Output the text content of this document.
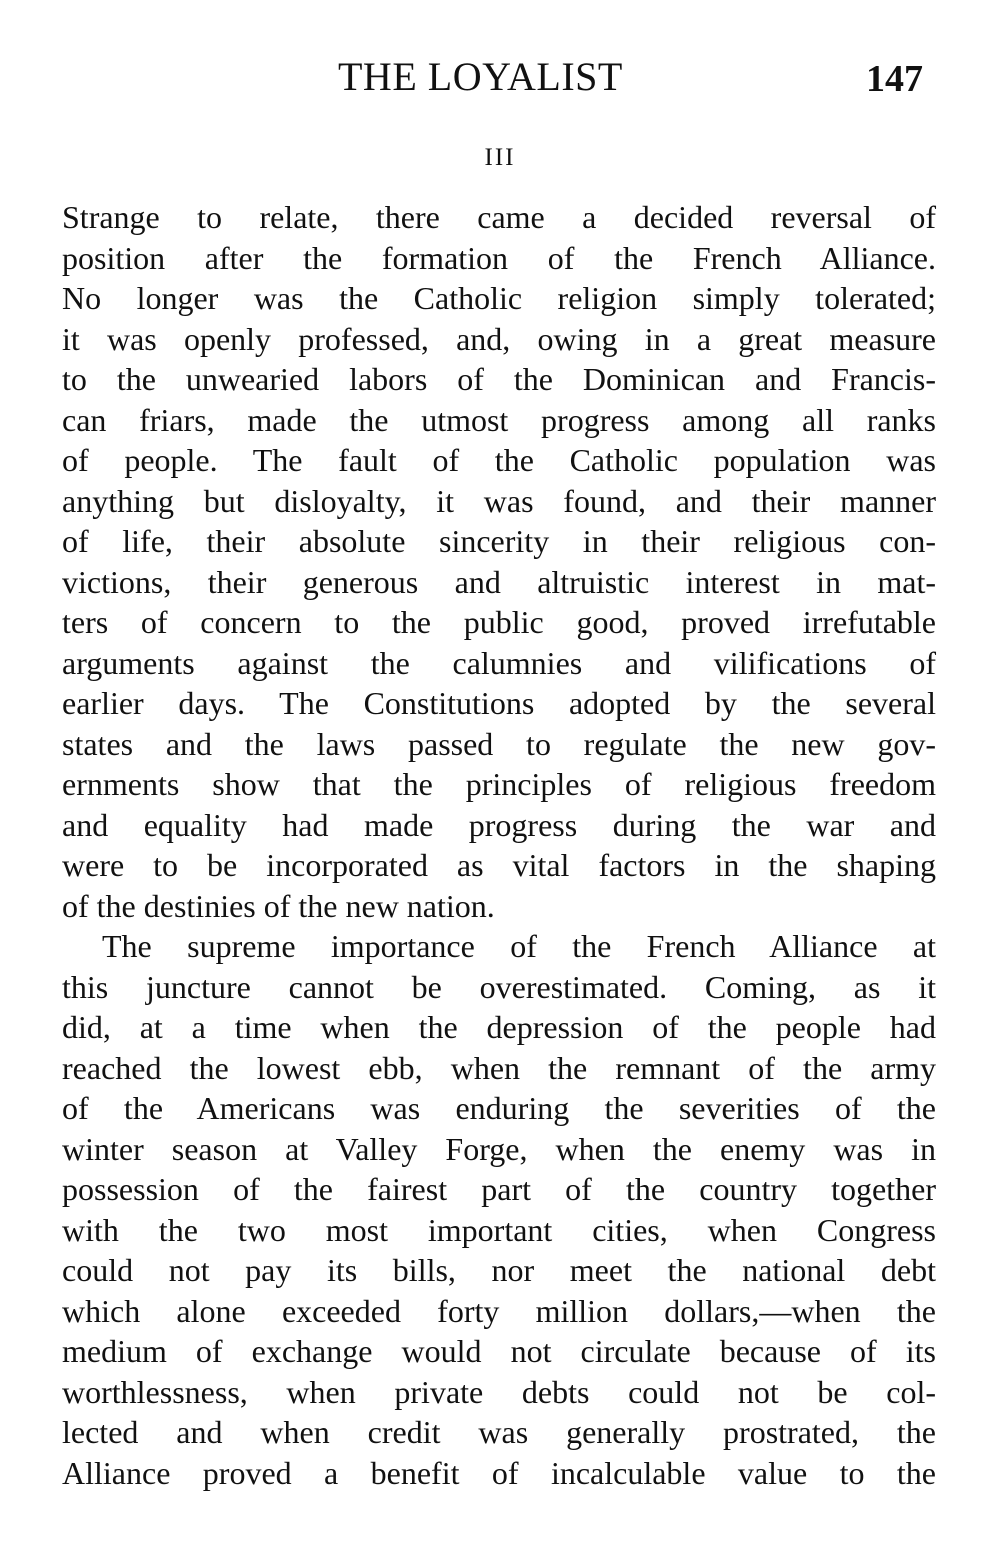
THE LOYALIST	147
III
Strange to relate, there came a decided reversal of
position after the formation of the French Alliance.
No longer was the Catholic religion simply tolerated;
it was openly professed, and, owing in a great measure
to the unwearied labors of the Dominican and Francis-
can friars, made the utmost progress among all ranks
of people. The fault of the Catholic population was
anything but disloyalty, it was found, and their manner
of life, their absolute sincerity in their religious con-
victions, their generous and altruistic interest in mat-
ters of concern to the public good, proved irrefutable
arguments against the calumnies and vilifications of
earlier days. The Constitutions adopted by the several
states and the laws passed to regulate the new gov-
ernments show that the principles of religious freedom
and equality had made progress during the war and
were to be incorporated as vital factors in the shaping
of the destinies of the new nation.
The supreme importance of the French Alliance at
this juncture cannot be overestimated. Coming, as it
did, at a time when the depression of the people had
reached the lowest ebb, when the remnant of the army
of the Americans was enduring the severities of the
winter season at Valley Forge, when the enemy was in
possession of the fairest part of the country together
with the two most important cities, when Congress
could not pay its bills, nor meet the national debt
which alone exceeded forty million dollars,—when the
medium of exchange would not circulate because of its
worthlessness, when private debts could not be col-
lected and when credit was generally prostrated, the
Alliance proved a benefit of incalculable value to the
